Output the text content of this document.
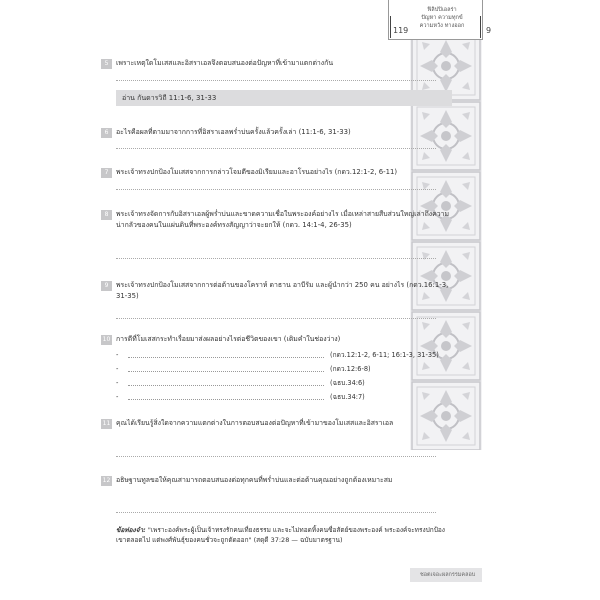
119
ฟิลิปปิเอลร่า
ปัญหา ความทุกข์
ความหวัง ทางออก	9
5	เพราะเหตุใดโมเสสและอิสราเอลจึงตอบสนองต่อปัญหาที่เข้ามาแตกต่างกัน
อ่าน กันดารวิถี 11:1-6, 31-33
6	อะไรคือผลที่ตามมาจากการที่อิสราเอลพร่ำบ่นครั้งแล้วครั้งเล่า (11:1-6, 31-33)
7	พระเจ้าทรงปกป้องโมเสสจากการกล่าวโจมตีของมิเรียมและอาโรนอย่างไร (กดว.12:1-2, 6-11)
8	พระเจ้าทรงจัดการกับอิสราเอลผู้พร่ำบ่นและขาดความเชื่อในพระองค์อย่างไร เมื่อเหล่าสายสืบส่วนใหญ่เล่าถึงความน่ากลัวของคนในแผ่นดินที่พระองค์ทรงสัญญาว่าจะยกให้ (กดว. 14:1-4, 26-35)
9	พระเจ้าทรงปกป้องโมเสสจากการต่อต้านของโคราห์ ดาธาน อาบีรัม และผู้นำกว่า 250 คน อย่างไร (กดว.16:1-3, 31-35)
10 การดีที่โมเสสกระทำเรื่อยมาส่งผลอย่างไรต่อชีวิตของเขา (เติมคำในช่องว่าง)
-	(กดว.12:1-2, 6-11; 16:1-3, 31-35)
-	(กดว.12:6-8)
-	(ฉธบ.34:6)
-	(ฉธบ.34:7)
11 คุณได้เรียนรู้สิ่งใดจากความแตกต่างในการตอบสนองต่อปัญหาที่เข้ามาของโมเสสและอิสราเอล
12 อธิษฐานทูลขอให้คุณสามารถตอบสนองต่อทุกคนที่พร่ำบ่นและต่อต้านคุณอย่างถูกต้องเหมาะสม
ข้อท่องจำ: "เพราะองค์พระผู้เป็นเจ้าทรงรักคนเที่ยงธรรม และจะไม่ทอดทิ้งคนซื่อสัตย์ของพระองค์ พระองค์จะทรงปกป้องเขาตลอดไป แต่พงศ์พันธุ์ของคนชั่วจะถูกตัดออก" (สดุดี 37:28 — ฉบับมาตรฐาน)
ชอตเจอะผลกรรมคลอบ
